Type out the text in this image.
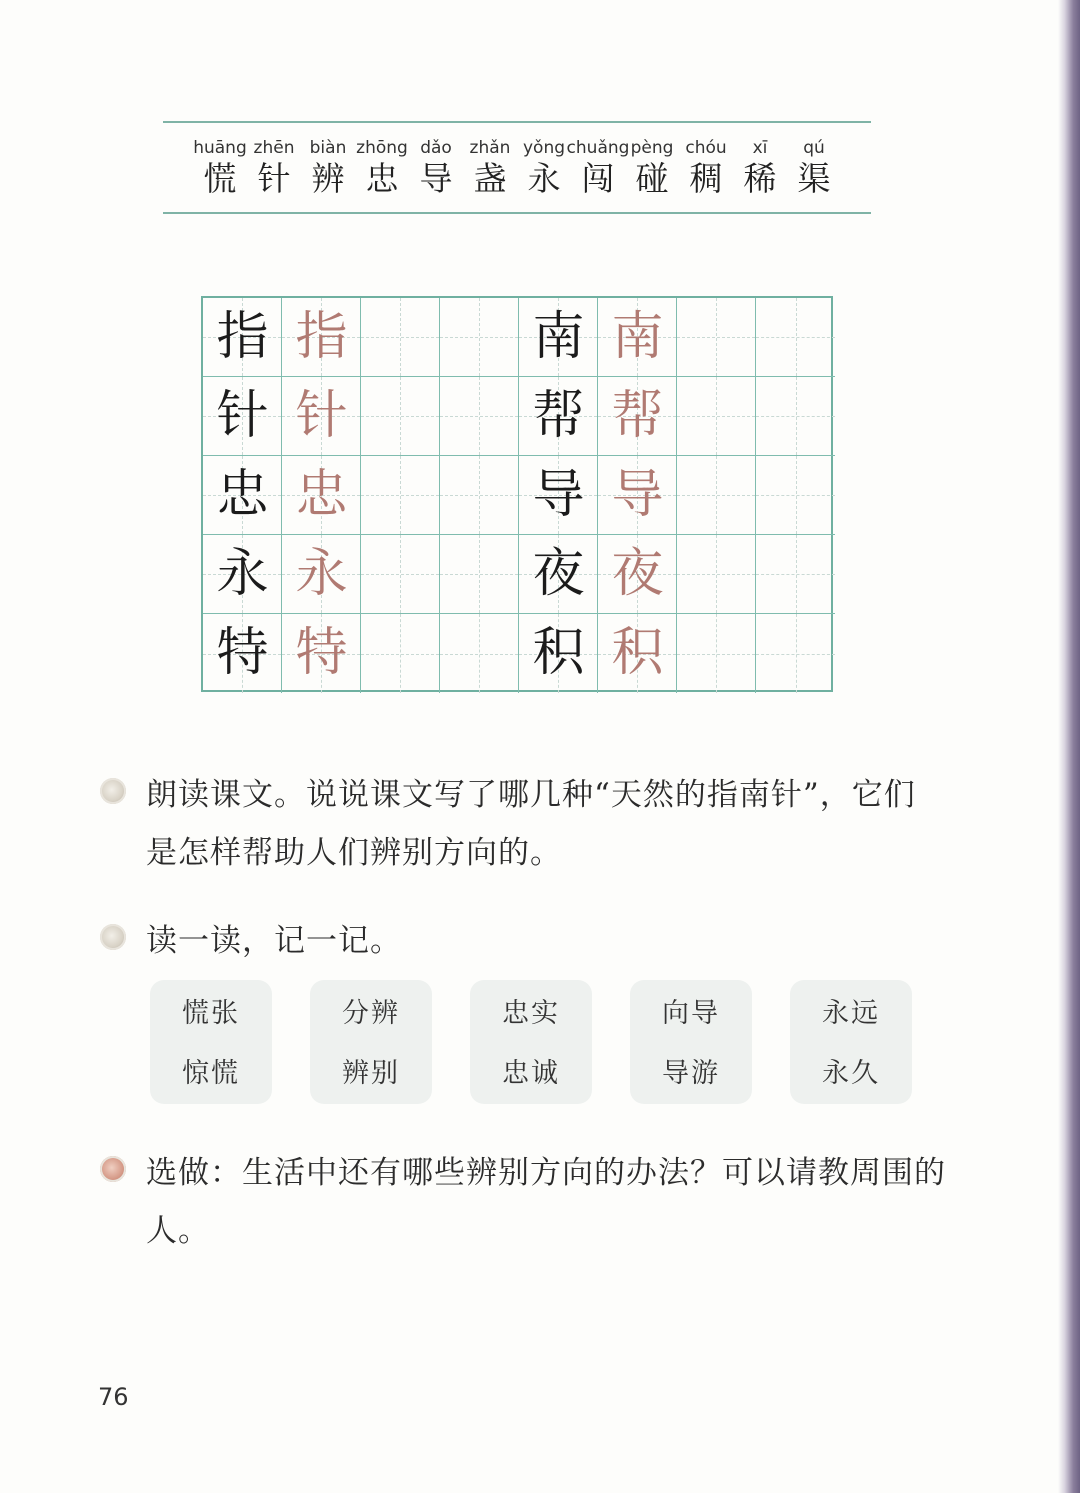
huāng
慌
zhēn
针
biàn
辨
zhōng
忠
dǎo
导
zhǎn
盏
yǒng
永
chuǎng
闯
pèng
碰
chóu
稠
xī
稀
qú
渠
指 指	南 南
针 针	帮 帮
忠 忠	导 导
永 永	夜 夜
特 特	积 积
朗读课文。说说课文写了哪几种“天然的指南针”，它们是怎样帮助人们辨别方向的。
读一读，记一记。
慌张
惊慌
分辨
辨别
忠实
忠诚
向导
导游
永远
永久
选做：生活中还有哪些辨别方向的办法？可以请教周围的人。
76
